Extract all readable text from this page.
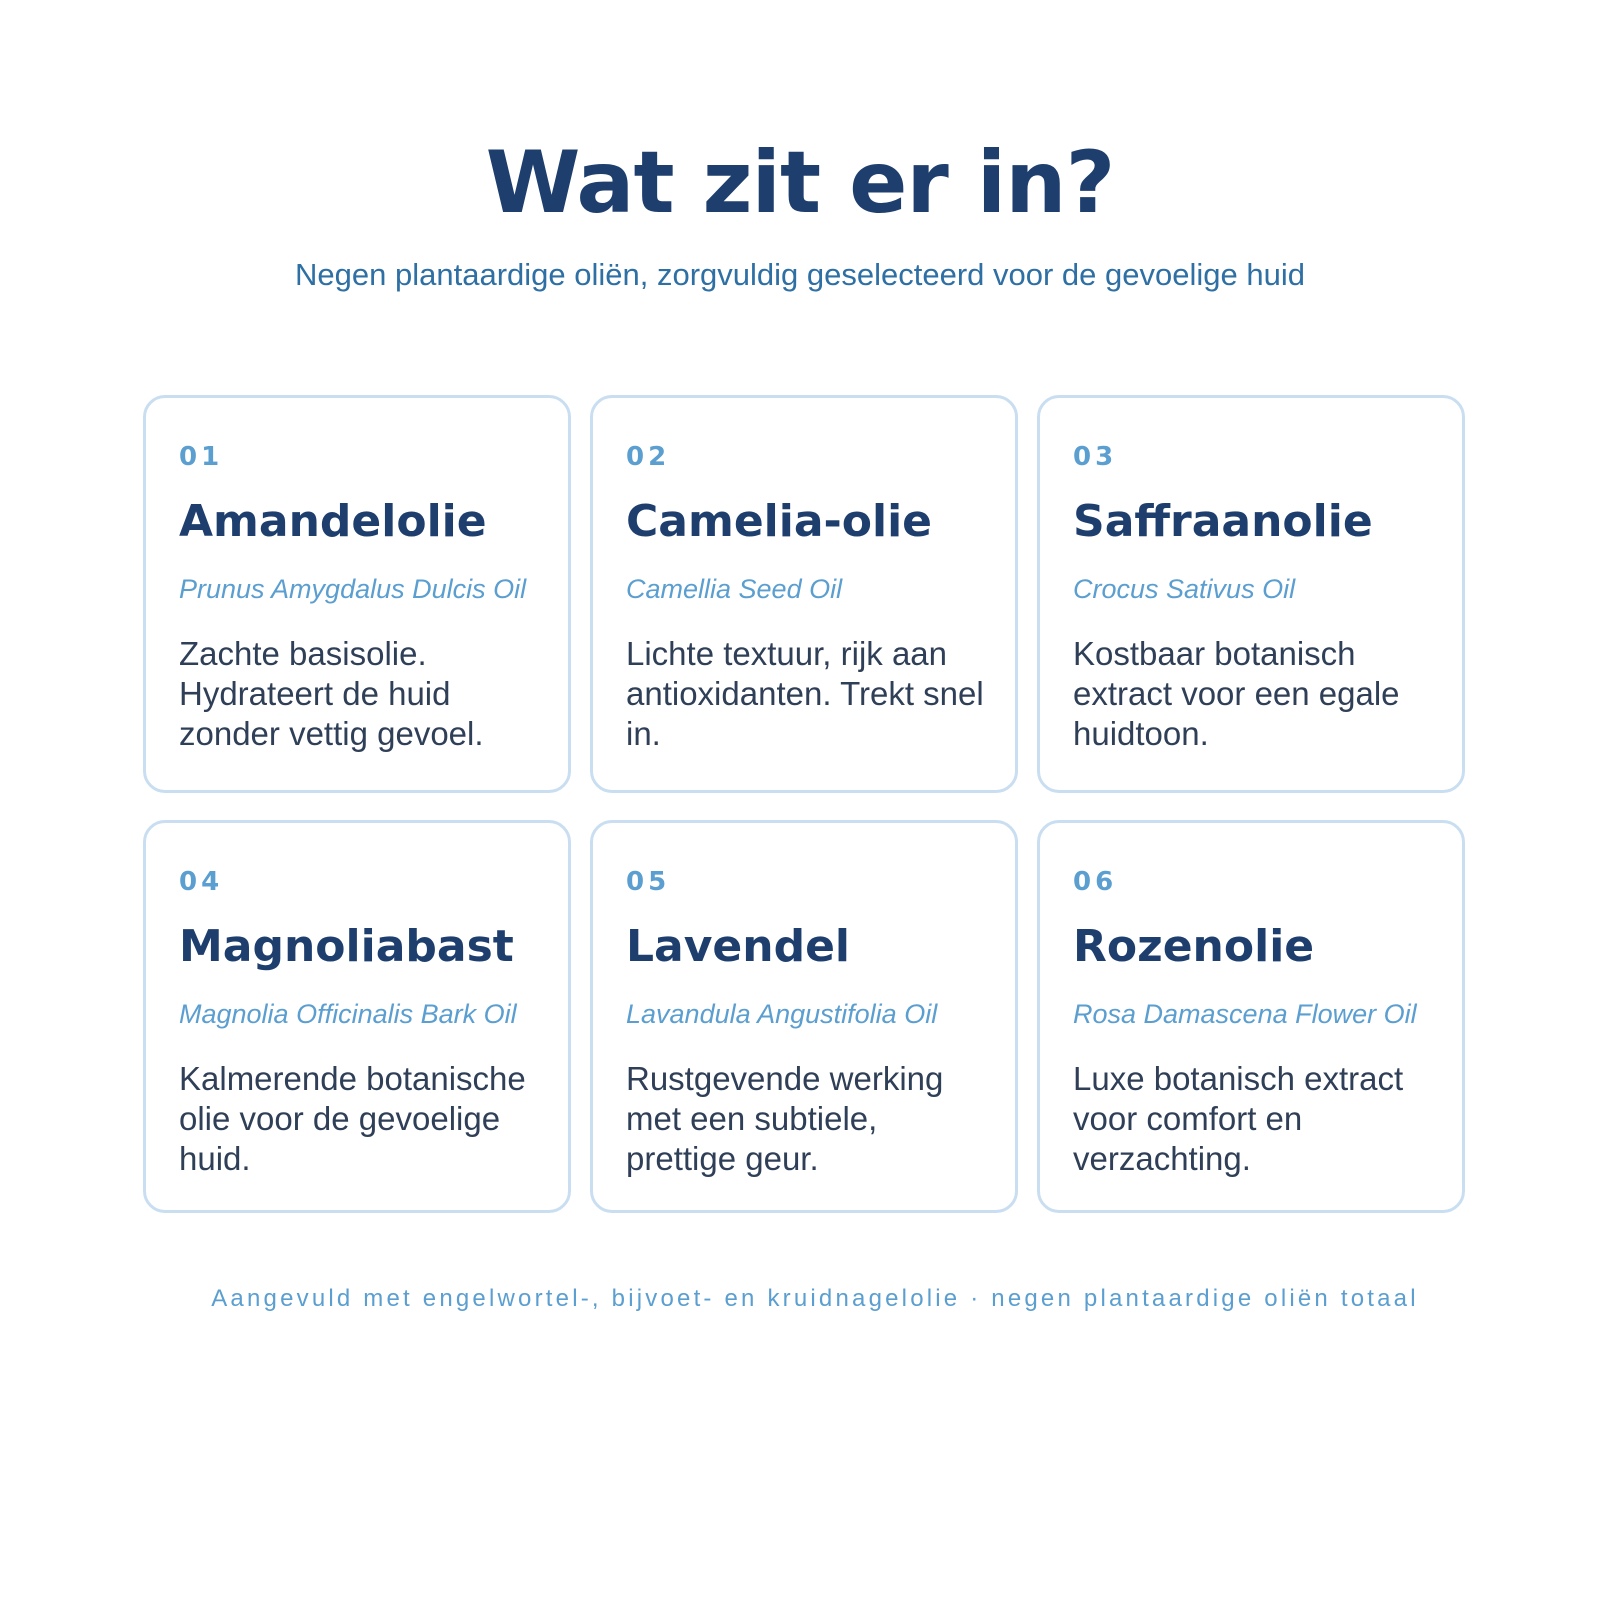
Wat zit er in?

Negen plantaardige oliën, zorgvuldig geselecteerd voor de gevoelige huid

01
Amandelolie
Prunus Amygdalus Dulcis Oil
Zachte basisolie. Hydrateert de huid zonder vettig gevoel.
02
Camelia-olie
Camellia Seed Oil
Lichte textuur, rijk aan antioxidanten. Trekt snel in.
03
Saffraanolie
Crocus Sativus Oil
Kostbaar botanisch extract voor een egale huidtoon.
04
Magnoliabast
Magnolia Officinalis Bark Oil
Kalmerende botanische olie voor de gevoelige huid.
05
Lavendel
Lavandula Angustifolia Oil
Rustgevende werking met een subtiele, prettige geur.
06
Rozenolie
Rosa Damascena Flower Oil
Luxe botanisch extract voor comfort en verzachting.

Aangevuld met engelwortel-, bijvoet- en kruidnagelolie · negen plantaardige oliën totaal
